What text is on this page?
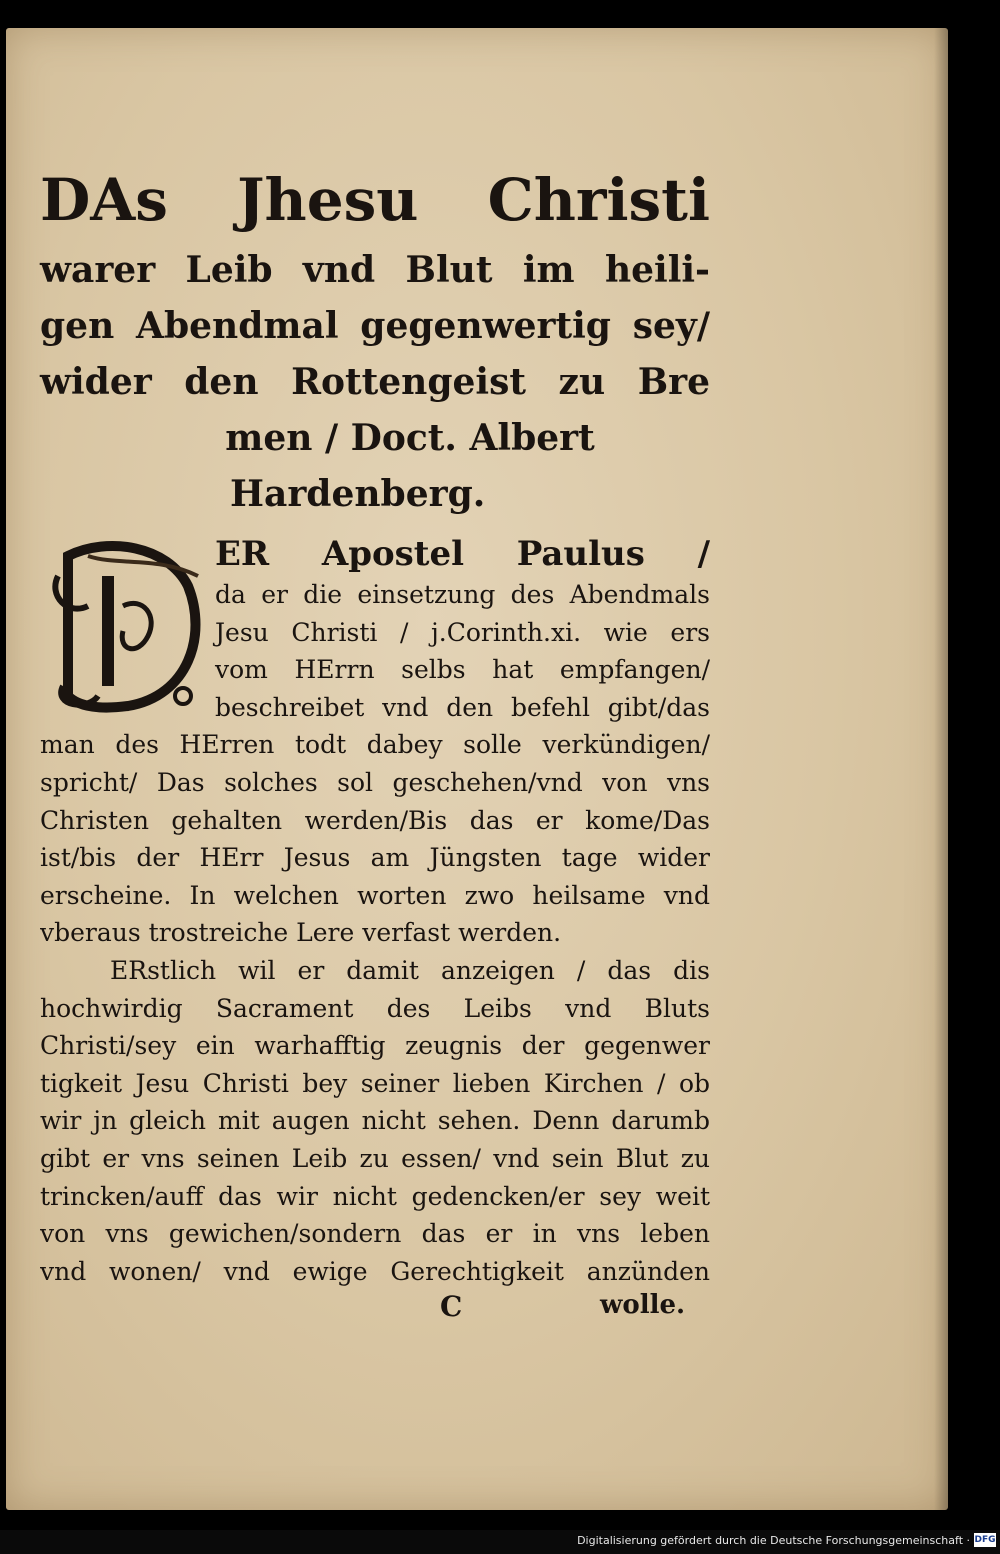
DAs Jhesu Christi
warer Leib vnd Blut im heili-
gen Abendmal gegenwertig sey/
wider den Rottengeist zu Bre
men / Doct. Albert
Hardenberg.
ER Apostel Paulus /
da er die einsetzung des Abendmals
Jesu Christi / j.Corinth.xi. wie ers
vom HErrn selbs hat empfangen/
beschreibet vnd den befehl gibt/das
man des HErren todt dabey solle verkündigen/
spricht/ Das solches sol geschehen/vnd von vns
Christen gehalten werden/Bis das er kome/Das
ist/bis der HErr Jesus am Jüngsten tage wider
erscheine. In welchen worten zwo heilsame vnd
vberaus trostreiche Lere verfast werden.
ERstlich wil er damit anzeigen / das dis
hochwirdig Sacrament des Leibs vnd Bluts
Christi/sey ein warhafftig zeugnis der gegenwer
tigkeit Jesu Christi bey seiner lieben Kirchen / ob
wir jn gleich mit augen nicht sehen. Denn darumb
gibt er vns seinen Leib zu essen/ vnd sein Blut zu
trincken/auff das wir nicht gedencken/er sey weit
von vns gewichen/sondern das er in vns leben
vnd wonen/ vnd ewige Gerechtigkeit anzünden
C	wolle.
Digitalisierung gefördert durch die Deutsche Forschungsgemeinschaft · DFG
